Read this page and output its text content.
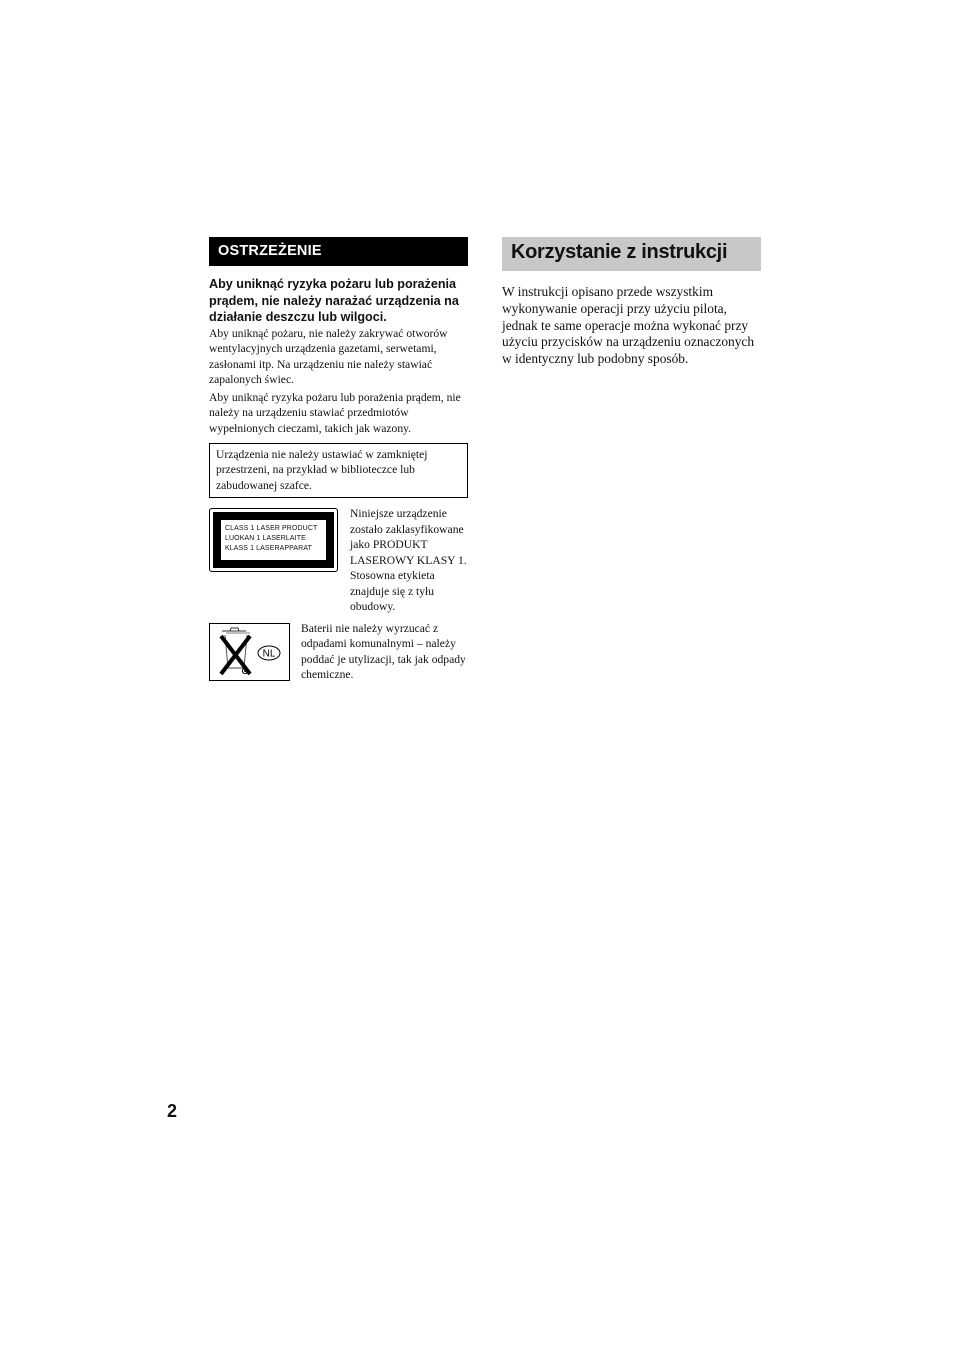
OSTRZEŻENIE
Aby uniknąć ryzyka pożaru lub porażenia prądem, nie należy narażać urządzenia na działanie deszczu lub wilgoci.

Aby uniknąć pożaru, nie należy zakrywać otworów wentylacyjnych urządzenia gazetami, serwetami, zasłonami itp. Na urządzeniu nie należy stawiać zapalonych świec.

Aby uniknąć ryzyka pożaru lub porażenia prądem, nie należy na urządzeniu stawiać przedmiotów wypełnionych cieczami, takich jak wazony.

Urządzenia nie należy ustawiać w zamkniętej przestrzeni, na przykład w biblioteczce lub zabudowanej szafce.
CLASS 1 LASER PRODUCT
LUOKAN 1 LASERLAITE
KLASS 1 LASERAPPARAT
Niniejsze urządzenie zostało zaklasyfikowane jako PRODUKT LASEROWY KLASY 1. Stosowna etykieta znajduje się z tyłu obudowy.
NL
Baterii nie należy wyrzucać z odpadami komunalnymi – należy poddać je utylizacji, tak jak odpady chemiczne.
Korzystanie z instrukcji
W instrukcji opisano przede wszystkim wykonywanie operacji przy użyciu pilota, jednak te same operacje można wykonać przy użyciu przycisków na urządzeniu oznaczonych w identyczny lub podobny sposób.
2
